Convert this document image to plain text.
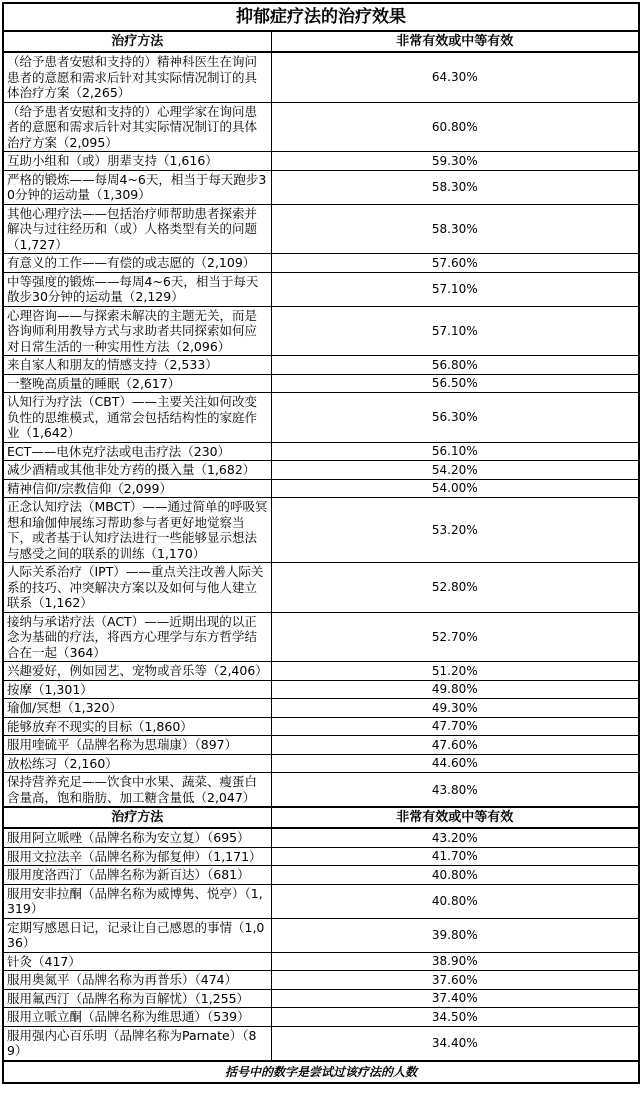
抑郁症疗法的治疗效果	
治疗方法	非常有效或中等有效
（给予患者安慰和支持的）精神科医生在询问患者的意愿和需求后针对其实际情况制订的具体治疗方案（2,265）	64.30%
（给予患者安慰和支持的）心理学家在询问患者的意愿和需求后针对其实际情况制订的具体治疗方案（2,095）	60.80%
互助小组和（或）朋辈支持（1,616）	59.30%
严格的锻炼——每周4~6天，相当于每天跑步30分钟的运动量（1,309）	58.30%
其他心理疗法——包括治疗师帮助患者探索并解决与过往经历和（或）人格类型有关的问题（1,727）	58.30%
有意义的工作——有偿的或志愿的（2,109）	57.60%
中等强度的锻炼——每周4~6天，相当于每天散步30分钟的运动量（2,129）	57.10%
心理咨询——与探索未解决的主题无关，而是咨询师利用教导方式与求助者共同探索如何应对日常生活的一种实用性方法（2,096）	57.10%
来自家人和朋友的情感支持（2,533）	56.80%
一整晚高质量的睡眠（2,617）	56.50%
认知行为疗法（CBT）——主要关注如何改变负性的思维模式，通常会包括结构性的家庭作业（1,642）	56.30%
ECT——电休克疗法或电击疗法（230）	56.10%
减少酒精或其他非处方药的摄入量（1,682）	54.20%
精神信仰/宗教信仰（2,099）	54.00%
正念认知疗法（MBCT）——通过简单的呼吸冥想和瑜伽伸展练习帮助参与者更好地觉察当下，或者基于认知疗法进行一些能够显示想法与感受之间的联系的训练（1,170）	53.20%
人际关系治疗（IPT）——重点关注改善人际关系的技巧、冲突解决方案以及如何与他人建立联系（1,162）	52.80%
接纳与承诺疗法（ACT）——近期出现的以正念为基础的疗法，将西方心理学与东方哲学结合在一起（364）	52.70%
兴趣爱好，例如园艺、宠物或音乐等（2,406）	51.20%
按摩（1,301）	49.80%
瑜伽/冥想（1,320）	49.30%
能够放弃不现实的目标（1,860）	47.70%
服用喹硫平（品牌名称为思瑞康）（897）	47.60%
放松练习（2,160）	44.60%
保持营养充足——饮食中水果、蔬菜、瘦蛋白含量高，饱和脂肪、加工糖含量低（2,047）	43.80%
治疗方法	非常有效或中等有效
服用阿立哌唑（品牌名称为安立复）（695）	43.20%
服用文拉法辛（品牌名称为郁复伸）（1,171）	41.70%
服用度洛西汀（品牌名称为新百达）（681）	40.80%
服用安非拉酮（品牌名称为威博隽、悦亭）（1,319）	40.80%
定期写感恩日记，记录让自己感恩的事情（1,036）	39.80%
针灸（417）	38.90%
服用奥氮平（品牌名称为再普乐）（474）	37.60%
服用氟西汀（品牌名称为百解忧）（1,255）	37.40%
服用立哌立酮（品牌名称为维思通）（539）	34.50%
服用强内心百乐明（品牌名称为Parnate）（89）	34.40%
括号中的数字是尝试过该疗法的人数	
